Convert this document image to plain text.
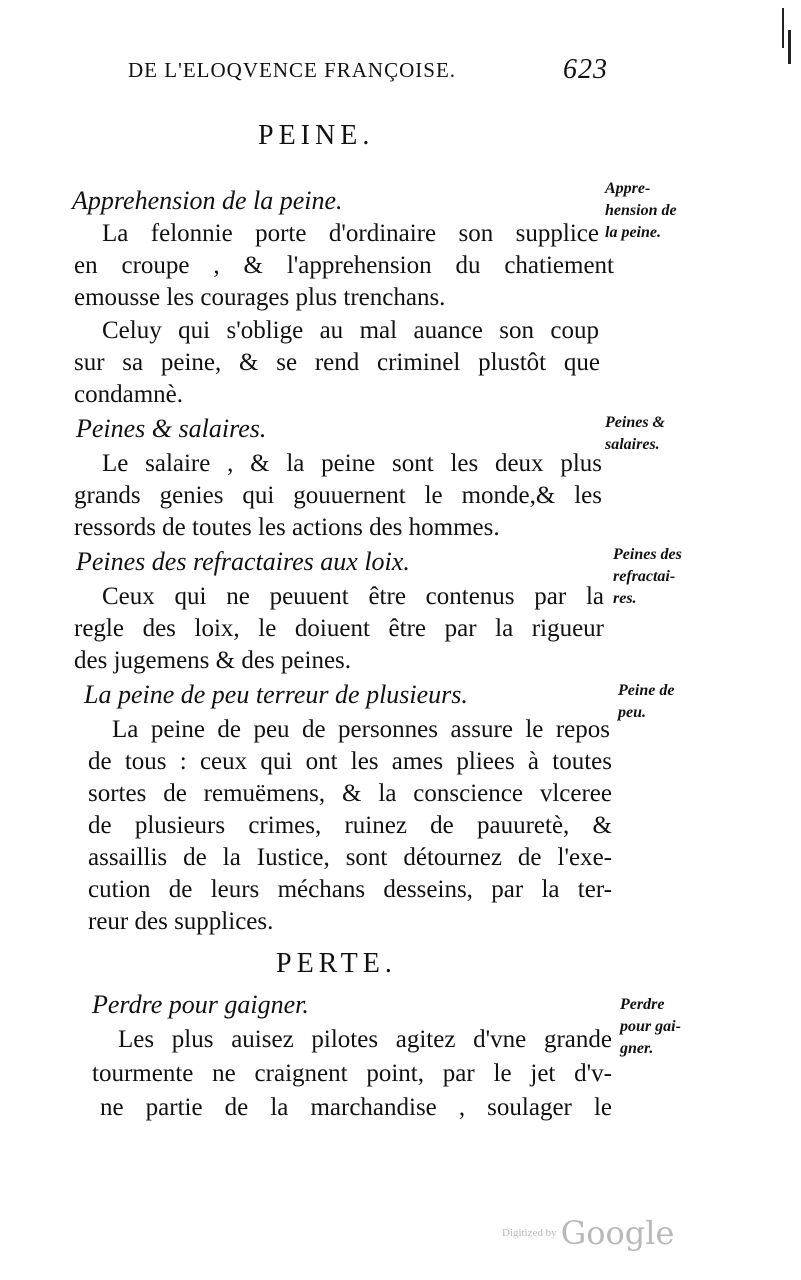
DE L'ELOQVENCE FRANÇOISE.	623
PEINE.
Apprehension de la peine.
La felonnie porte d'ordinaire son supplice
en croupe , & l'apprehension du chatiement
emousse les courages plus trenchans.
Celuy qui s'oblige au mal auance son coup
sur sa peine, & se rend criminel plustôt que
condamnè.
Peines & salaires.
Le salaire , & la peine sont les deux plus
grands genies qui gouuernent le monde,& les
ressords de toutes les actions des hommes.
Peines des refractaires aux loix.
Ceux qui ne peuuent être contenus par la
regle des loix, le doiuent être par la rigueur
des jugemens & des peines.
La peine de peu terreur de plusieurs.
La peine de peu de personnes assure le repos
de tous : ceux qui ont les ames pliees à toutes
sortes de remuëmens, & la conscience vlceree
de plusieurs crimes, ruinez de pauuretè, &
assaillis de la Iustice, sont détournez de l'exe-
cution de leurs méchans desseins, par la ter-
reur des supplices.
PERTE.
Perdre pour gaigner.
Les plus auisez pilotes agitez d'vne grande
tourmente ne craignent point, par le jet d'v-
ne partie de la marchandise , soulager le
Appre-
hension de
la peine.
Peines &
salaires.
Peines des
refractai-
res.
Peine de
peu.
Perdre
pour gai-
gner.
Digitized by Google
